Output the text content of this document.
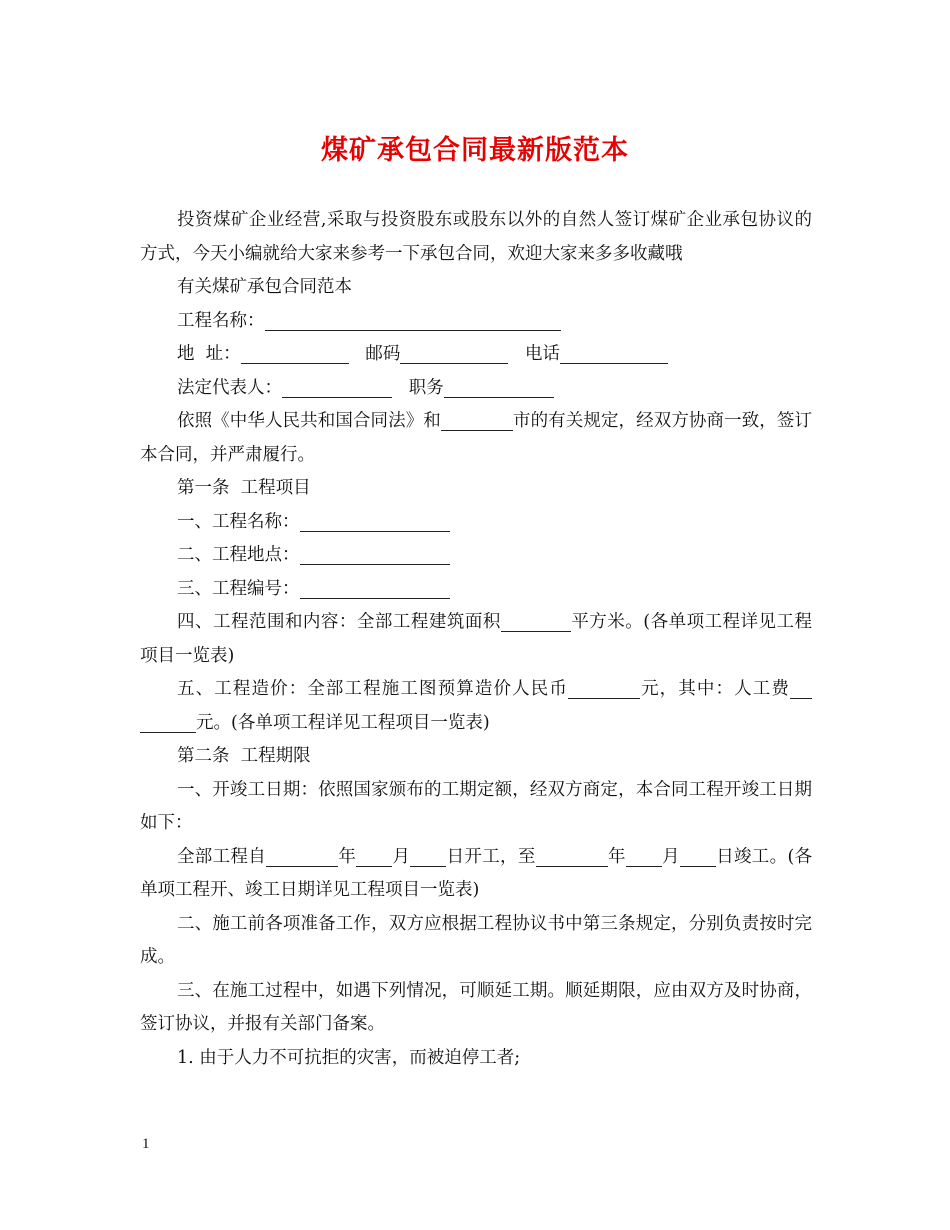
煤矿承包合同最新版范本

投资煤矿企业经营,采取与投资股东或股东以外的自然人签订煤矿企业承包协议的方式，今天小编就给大家来参考一下承包合同，欢迎大家来多多收藏哦

有关煤矿承包合同范本

工程名称：

地  址：	邮码	电话

法定代表人：	职务

依照《中华人民共和国合同法》和	市的有关规定，经双方协商一致，签订本合同，并严肃履行。

第一条  工程项目

一、工程名称：

二、工程地点：

三、工程编号：

四、工程范围和内容：全部工程建筑面积	平方米。(各单项工程详见工程项目一览表)

五、工程造价：全部工程施工图预算造价人民币	元，其中：人工费元。(各单项工程详见工程项目一览表)

第二条  工程期限

一、开竣工日期：依照国家颁布的工期定额，经双方商定，本合同工程开竣工日期如下：

全部工程自	年 月 日开工，至	年 月 日竣工。(各单项工程开、竣工日期详见工程项目一览表)

二、施工前各项准备工作，双方应根据工程协议书中第三条规定，分别负责按时完成。

三、在施工过程中，如遇下列情况，可顺延工期。顺延期限，应由双方及时协商，签订协议，并报有关部门备案。

1. 由于人力不可抗拒的灾害，而被迫停工者;

1
